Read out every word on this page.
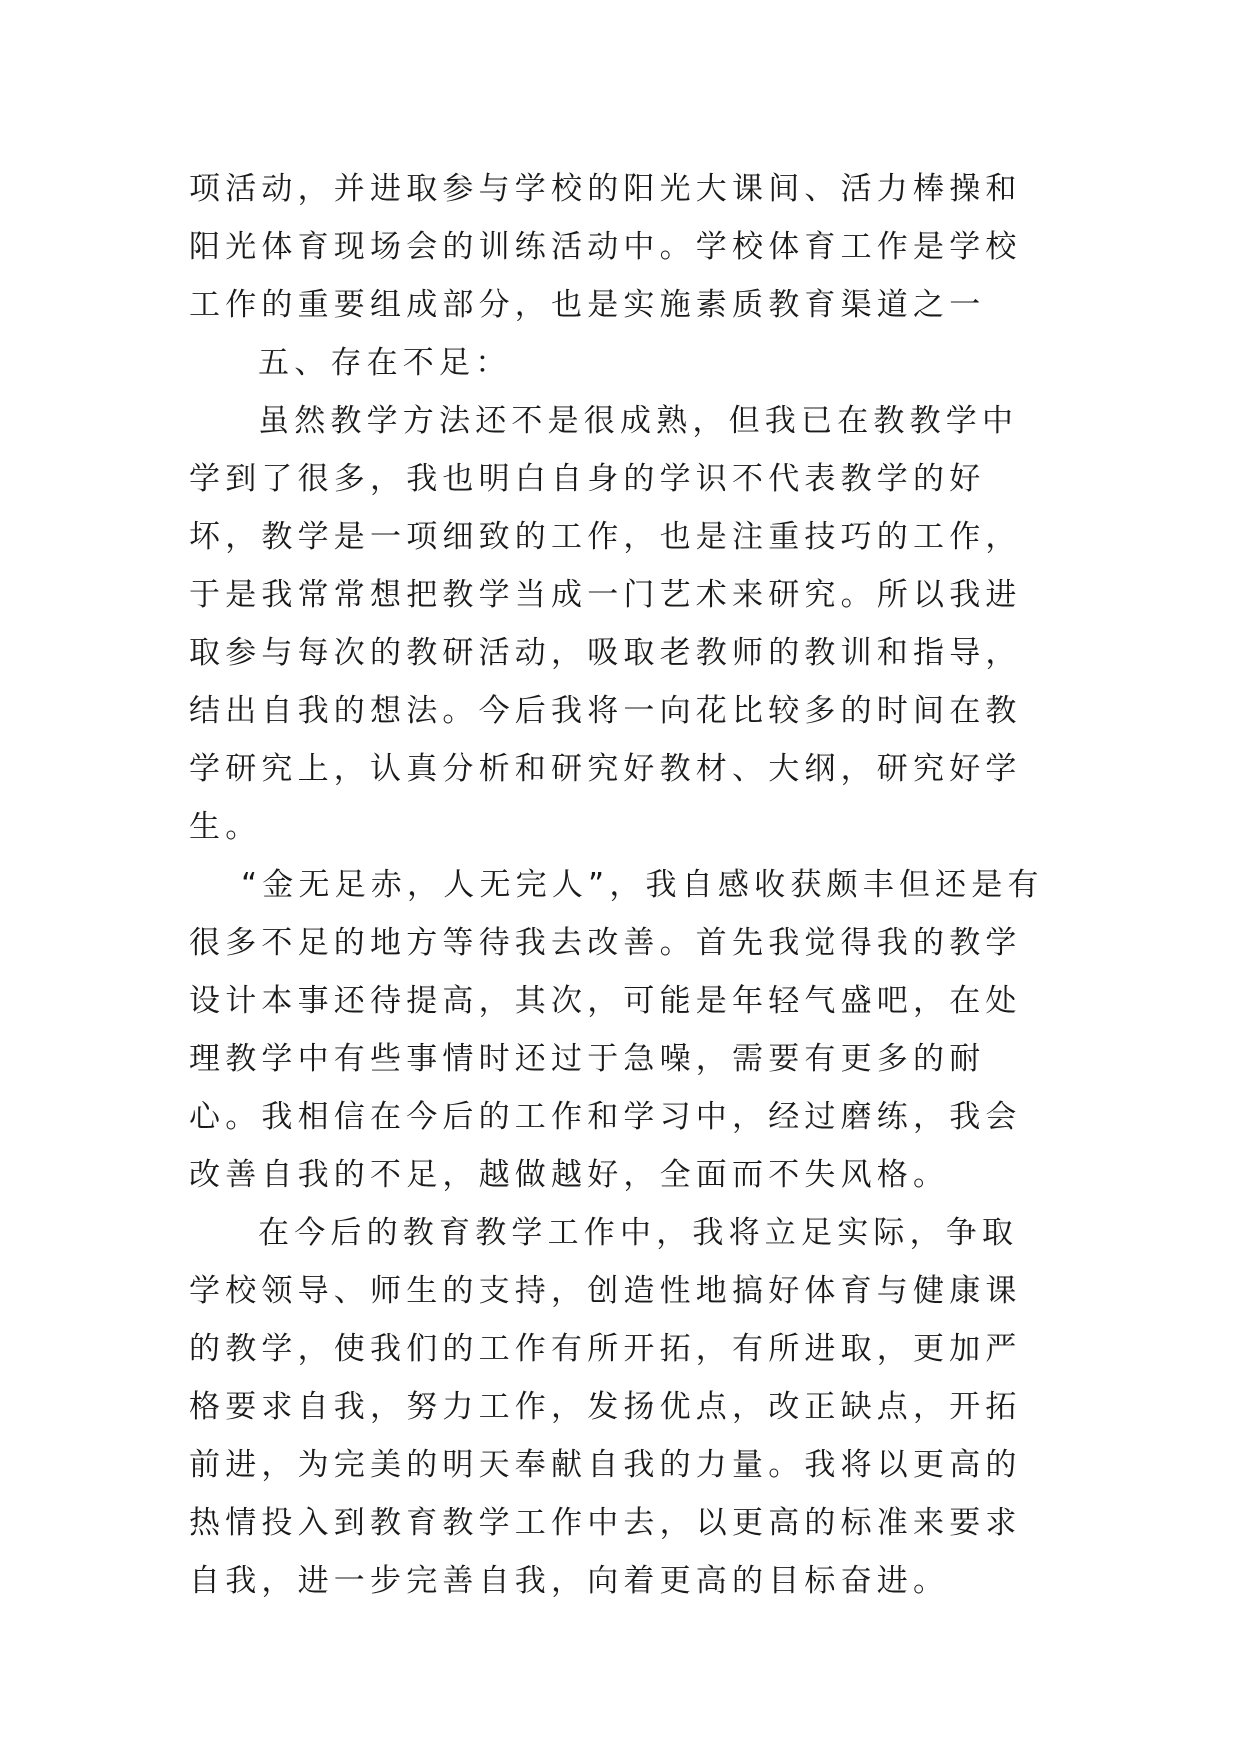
项活动，并进取参与学校的阳光大课间、活力棒操和阳光体育现场会的训练活动中。学校体育工作是学校工作的重要组成部分，也是实施素质教育渠道之一

五、存在不足：

虽然教学方法还不是很成熟，但我已在教教学中学到了很多，我也明白自身的学识不代表教学的好坏，教学是一项细致的工作，也是注重技巧的工作，于是我常常想把教学当成一门艺术来研究。所以我进取参与每次的教研活动，吸取老教师的教训和指导，结出自我的想法。今后我将一向花比较多的时间在教学研究上，认真分析和研究好教材、大纲，研究好学生。

“金无足赤，人无完人”，我自感收获颇丰但还是有很多不足的地方等待我去改善。首先我觉得我的教学设计本事还待提高，其次，可能是年轻气盛吧，在处理教学中有些事情时还过于急噪，需要有更多的耐心。我相信在今后的工作和学习中，经过磨练，我会改善自我的不足，越做越好，全面而不失风格。

在今后的教育教学工作中，我将立足实际，争取学校领导、师生的支持，创造性地搞好体育与健康课的教学，使我们的工作有所开拓，有所进取，更加严格要求自我，努力工作，发扬优点，改正缺点，开拓前进，为完美的明天奉献自我的力量。我将以更高的热情投入到教育教学工作中去，以更高的标准来要求自我，进一步完善自我，向着更高的目标奋进。
